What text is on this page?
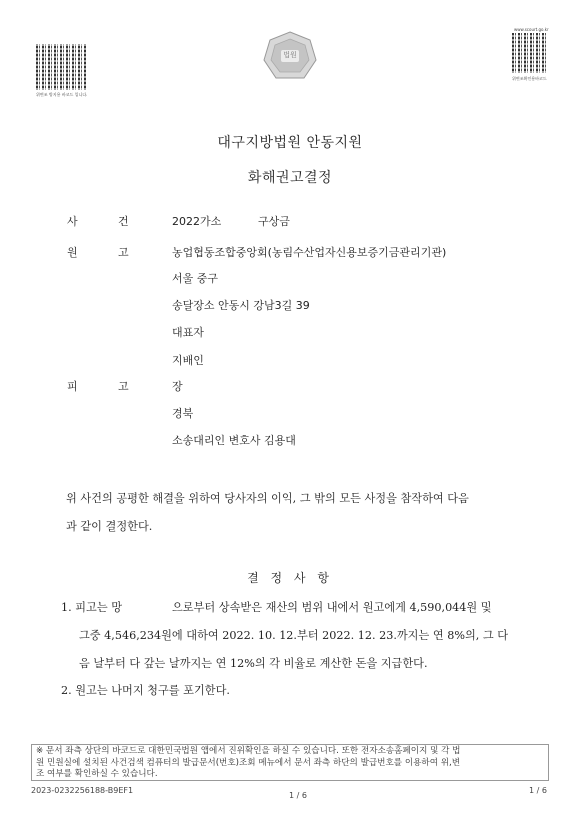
위변조 방지용 바코드 입니다.
법원
www.scourt.go.kr
위변조확인용바코드
대구지방법원 안동지원
화해권고결정
사	건	2022가소	구상금
원	고	농업협동조합중앙회(농림수산업자신용보증기금관리기관)
서울 중구
송달장소 안동시 강남3길 39
대표자
지배인
피	고	장
경북
소송대리인 변호사 김용대
위 사건의 공평한 해결을 위하여 당사자의 이익, 그 밖의 모든 사정을 참작하여 다음
과 같이 결정한다.
결 정 사 항
1. 피고는 망	으로부터 상속받은 재산의 범위 내에서 원고에게 4,590,044원 및
그중 4,546,234원에 대하여 2022. 10. 12.부터 2022. 12. 23.까지는 연 8%의, 그 다
음 날부터 다 갚는 날까지는 연 12%의 각 비율로 계산한 돈을 지급한다.
2. 원고는 나머지 청구를 포기한다.
※ 문서 좌측 상단의 바코드로 대한민국법원 앱에서 진위확인을 하실 수 있습니다. 또한 전자소송홈페이지 및 각 법
원 민원실에 설치된 사건검색 컴퓨터의 발급문서(번호)조회 메뉴에서 문서 좌측 하단의 발급번호를 이용하여 위,변
조 여부를 확인하실 수 있습니다.
2023-0232256188-B9EF1
1 / 6
1 / 6
